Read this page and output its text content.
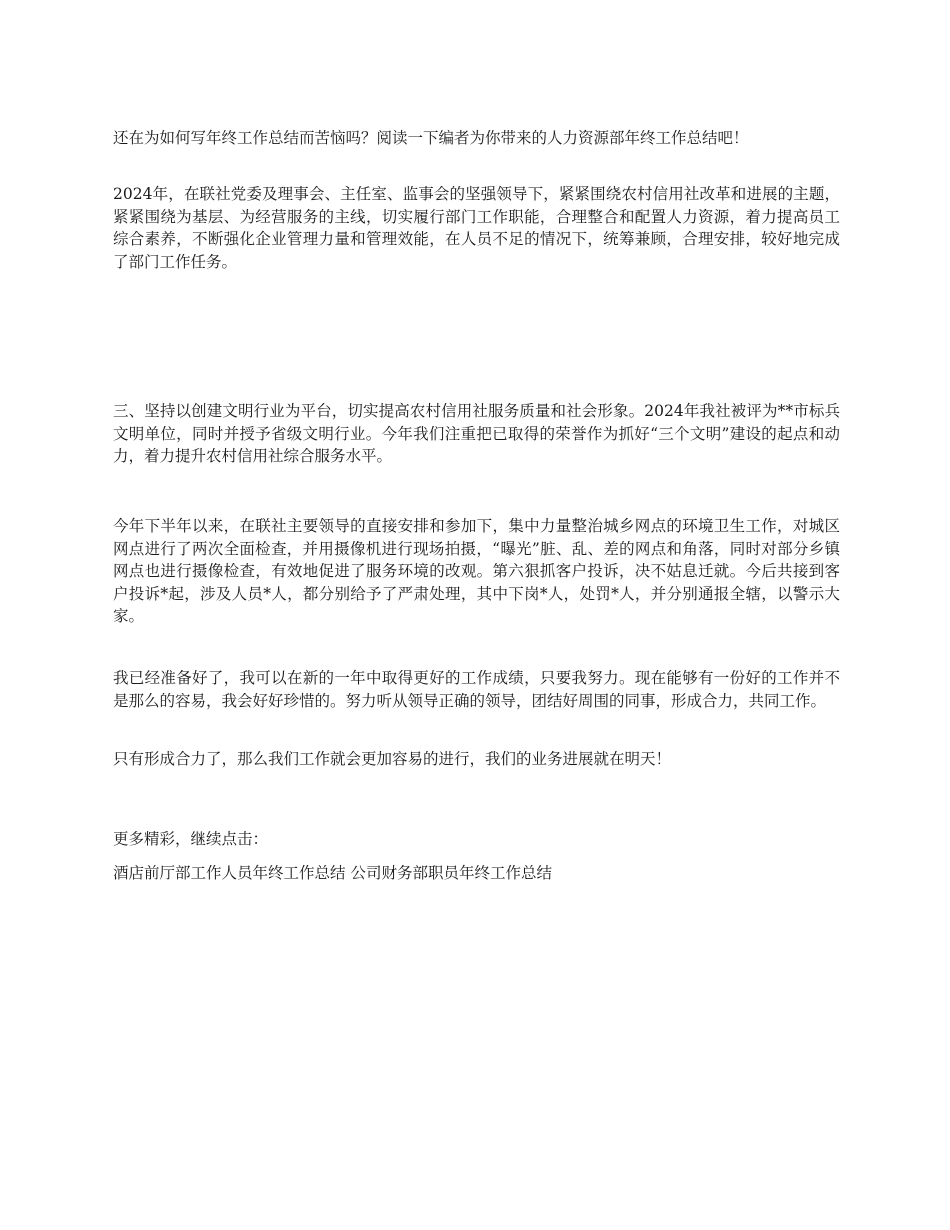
还在为如何写年终工作总结而苦恼吗？阅读一下编者为你带来的人力资源部年终工作总结吧！

2024年，在联社党委及理事会、主任室、监事会的坚强领导下，紧紧围绕农村信用社改革和进展的主题，紧紧围绕为基层、为经营服务的主线，切实履行部门工作职能，合理整合和配置人力资源，着力提高员工综合素养，不断强化企业管理力量和管理效能，在人员不足的情况下，统筹兼顾，合理安排，较好地完成了部门工作任务。

三、坚持以创建文明行业为平台，切实提高农村信用社服务质量和社会形象。2024年我社被评为**市标兵文明单位，同时并授予省级文明行业。今年我们注重把已取得的荣誉作为抓好“三个文明”建设的起点和动力，着力提升农村信用社综合服务水平。

今年下半年以来，在联社主要领导的直接安排和参加下，集中力量整治城乡网点的环境卫生工作，对城区网点进行了两次全面检查，并用摄像机进行现场拍摄，“曝光”脏、乱、差的网点和角落，同时对部分乡镇网点也进行摄像检查，有效地促进了服务环境的改观。第六狠抓客户投诉，决不姑息迁就。今后共接到客户投诉*起，涉及人员*人，都分别给予了严肃处理，其中下岗*人，处罚*人，并分别通报全辖，以警示大家。

我已经准备好了，我可以在新的一年中取得更好的工作成绩，只要我努力。现在能够有一份好的工作并不是那么的容易，我会好好珍惜的。努力听从领导正确的领导，团结好周围的同事，形成合力，共同工作。

只有形成合力了，那么我们工作就会更加容易的进行，我们的业务进展就在明天！

更多精彩，继续点击：

酒店前厅部工作人员年终工作总结 公司财务部职员年终工作总结
